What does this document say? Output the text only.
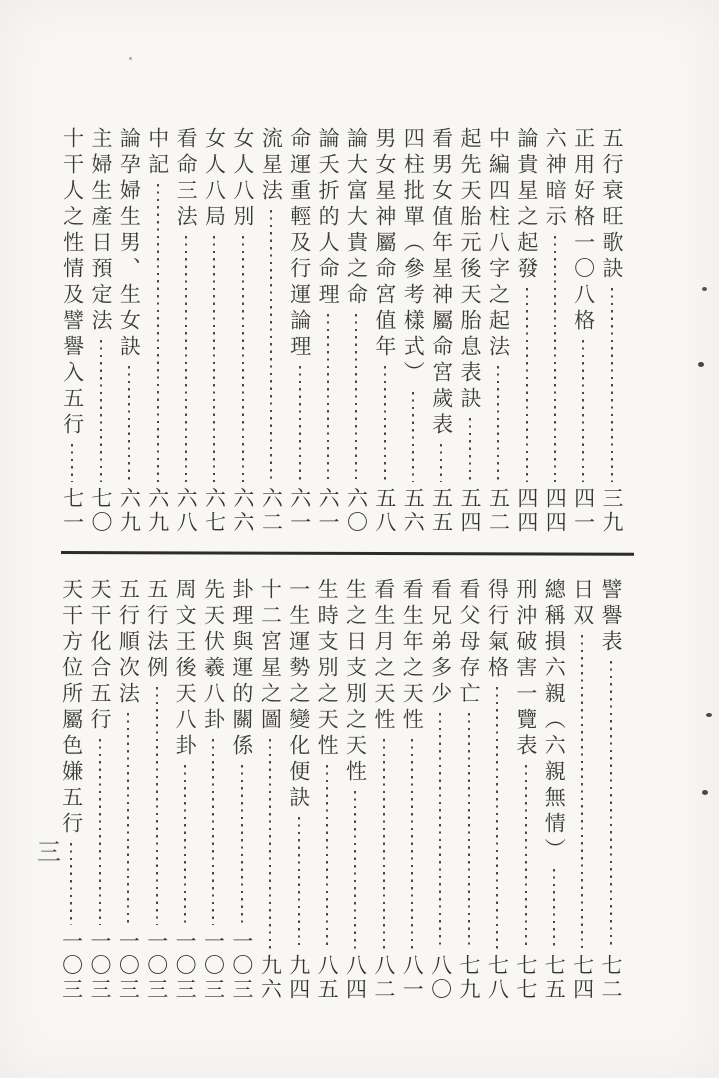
五行衰旺歌訣
三九
正用好格一〇八格
四一
六神暗示
四四
論貴星之起發
四四
中編四柱八字之起法
五二
起先天胎元後天胎息表訣
五四
看男女值年星神屬命宮歲表
五五
四柱批單（參考樣式）
五六
男女星神屬命宮值年
五八
論大富大貴之命
六〇
論夭折的人命理
六一
命運重輕及行運論理
六一
流星法
六二
女人八別
六六
女人八局
六七
看命三法
六八
中記
六九
論孕婦生男、生女訣
六九
主婦生產日預定法
七〇
十干人之性情及譬譽入五行
七一
譬譽表
七二
日双
七四
總稱損六親（六親無情）
七五
刑沖破害一覽表
七七
得行氣格
七八
看父母存亡
七九
看兄弟多少
八〇
看生年之天性
八一
看生月之天性
八二
生之日支別之天性
八四
生時支別之天性
八五
一生運勢之變化便訣
九四
十二宮星之圖
九六
卦理與運的關係
一〇三
先天伏羲八卦
一〇三
周文王後天八卦
一〇三
五行法例
一〇三
五行順次法
一〇三
天干化合五行
一〇三
天干方位所屬色嫌五行
一〇三
三
